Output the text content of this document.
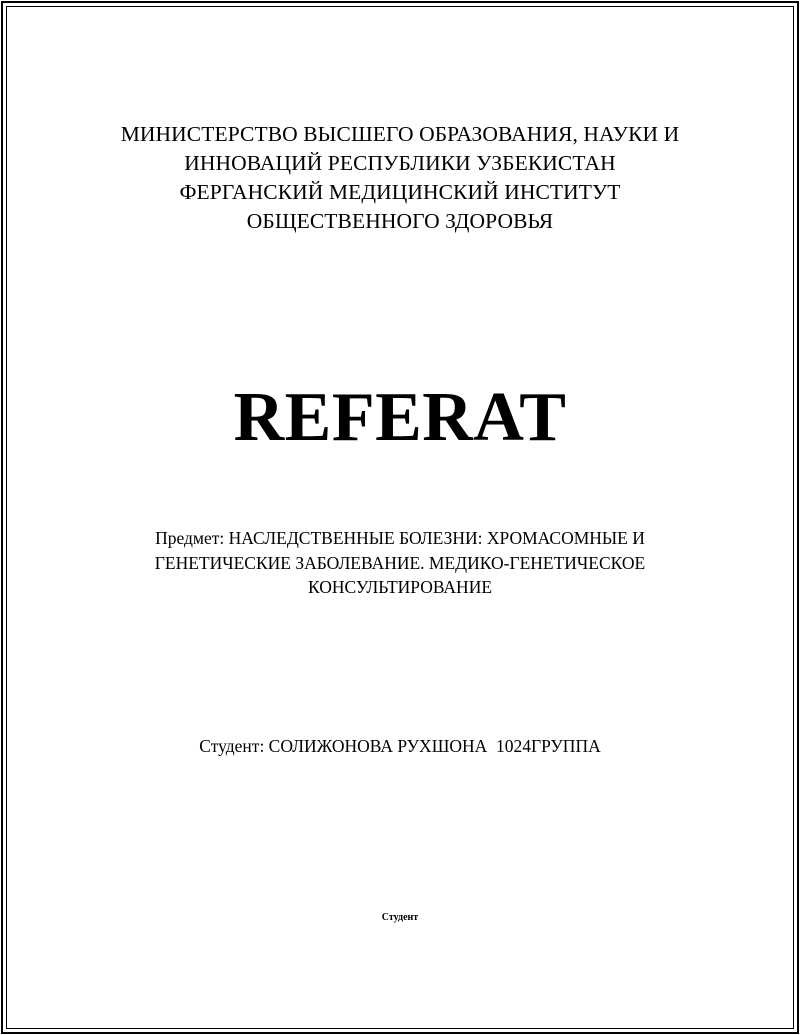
МИНИСТЕРСТВО ВЫСШЕГО ОБРАЗОВАНИЯ, НАУКИ И
ИННОВАЦИЙ РЕСПУБЛИКИ УЗБЕКИСТАН
ФЕРГАНСКИЙ МЕДИЦИНСКИЙ ИНСТИТУТ
ОБЩЕСТВЕННОГО ЗДОРОВЬЯ
REFERAT
Предмет: НАСЛЕДСТВЕННЫЕ БОЛЕЗНИ: ХРОМАСОМНЫЕ И
ГЕНЕТИЧЕСКИЕ ЗАБОЛЕВАНИЕ. МЕДИКО-ГЕНЕТИЧЕСКОЕ
КОНСУЛЬТИРОВАНИЕ
Студент: СОЛИЖОНОВА РУХШОНА  1024ГРУППА
Студент
